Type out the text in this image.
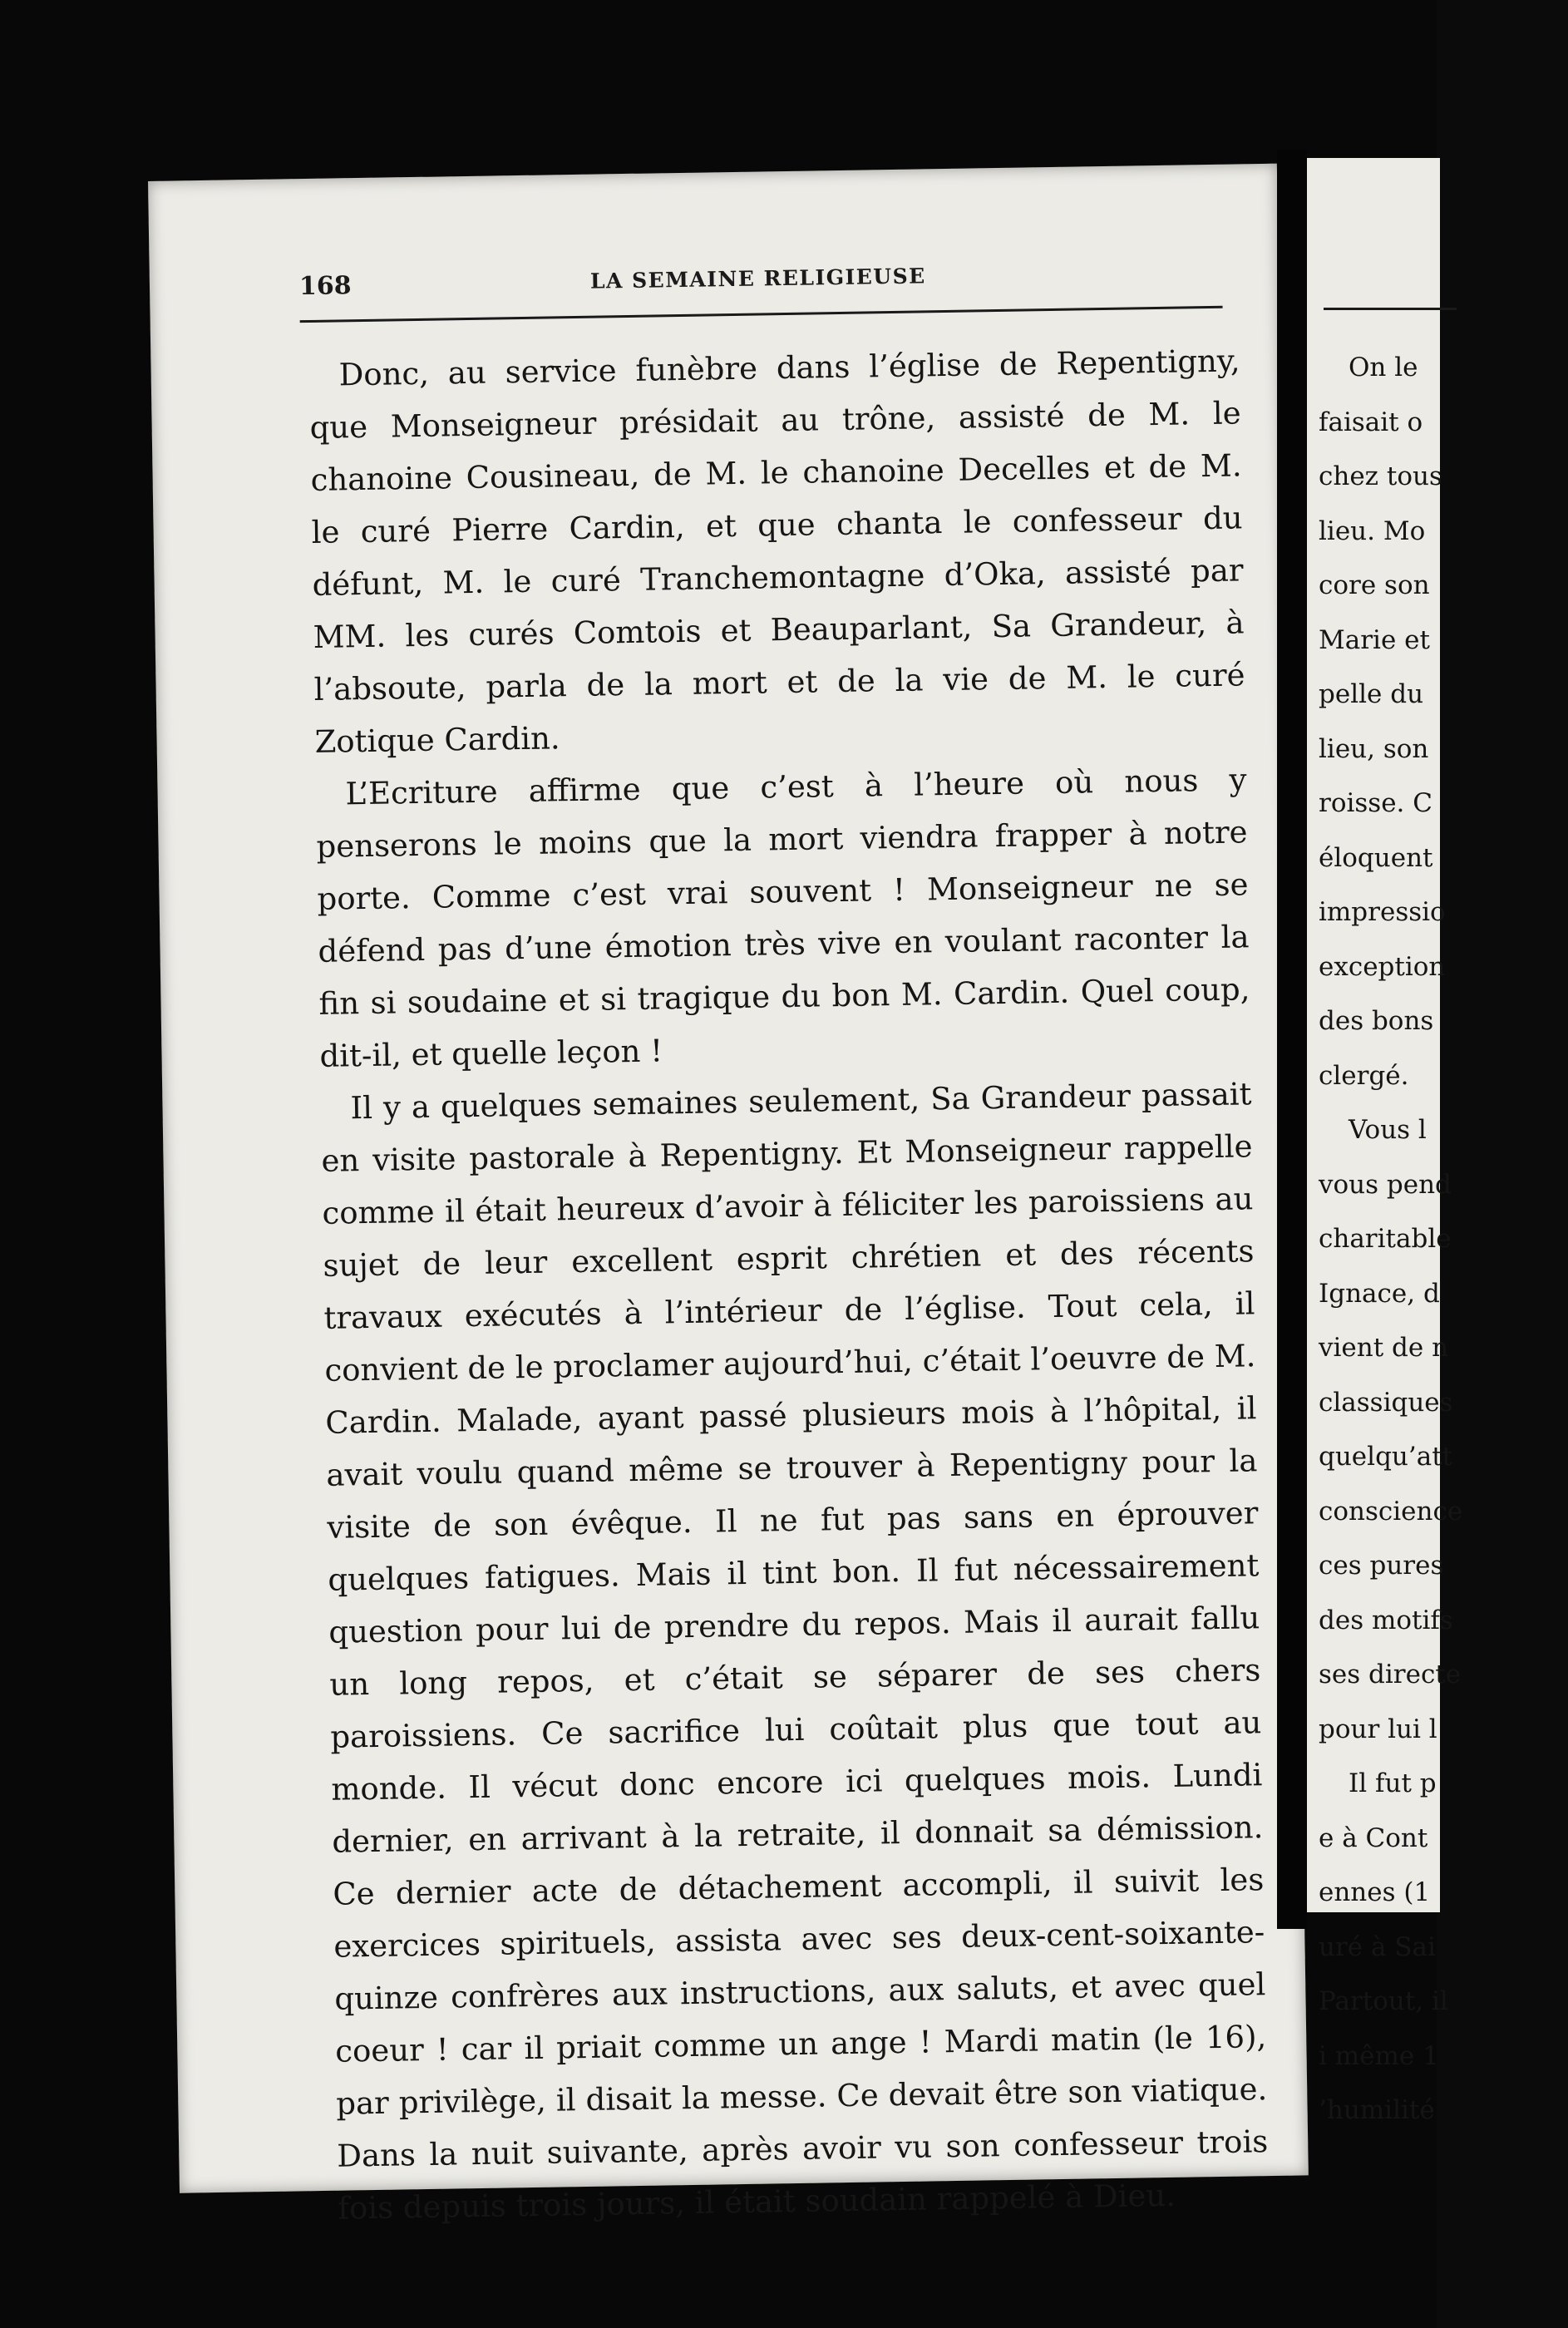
168	LA SEMAINE RELIGIEUSE

Donc, au service funèbre dans l’église de Repentigny, que Monseigneur présidait au trône, assisté de M. le chanoine Cousineau, de M. le chanoine Decelles et de M. le curé Pierre Cardin, et que chanta le confesseur du défunt, M. le curé Tranchemontagne d’Oka, assisté par MM. les curés Comtois et Beauparlant, Sa Grandeur, à l’absoute, parla de la mort et de la vie de M. le curé Zotique Cardin.

L’Ecriture affirme que c’est à l’heure où nous y penserons le moins que la mort viendra frapper à notre porte. Comme c’est vrai souvent ! Monseigneur ne se défend pas d’une émotion très vive en voulant raconter la fin si soudaine et si tragique du bon M. Cardin. Quel coup, dit-il, et quelle leçon !

Il y a quelques semaines seulement, Sa Grandeur passait en visite pastorale à Repentigny. Et Monseigneur rappelle comme il était heureux d’avoir à féliciter les paroissiens au sujet de leur excellent esprit chrétien et des récents travaux exécutés à l’intérieur de l’église. Tout cela, il convient de le proclamer aujourd’hui, c’était l’oeuvre de M. Cardin. Malade, ayant passé plusieurs mois à l’hôpital, il avait voulu quand même se trouver à Repentigny pour la visite de son évêque. Il ne fut pas sans en éprouver quelques fatigues. Mais il tint bon. Il fut nécessairement question pour lui de prendre du repos. Mais il aurait fallu un long repos, et c’était se séparer de ses chers paroissiens. Ce sacrifice lui coûtait plus que tout au monde. Il vécut donc encore ici quelques mois. Lundi dernier, en arrivant à la retraite, il donnait sa démission. Ce dernier acte de détachement accompli, il suivit les exercices spirituels, assista avec ses deux-cent-soixante-quinze confrères aux instructions, aux saluts, et avec quel coeur ! car il priait comme un ange ! Mardi matin (le 16), par privilège, il disait la messe. Ce devait être son viatique. Dans la nuit suivante, après avoir vu son confesseur trois fois depuis trois jours, il était soudain rappelé à Dieu.

On le
faisait o
chez tous
lieu. Mo
core son
Marie et
pelle du
lieu, son
roisse. C
éloquent
impressio
exception
des bons
clergé.
Vous l
vous pend
charitable
Ignace, d
vient de n
classiques
quelqu’att
conscience
ces pures
des motifs
ses directe
pour lui l
Il fut p
e à Cont
ennes (1
uré à Sai
Partout, il
i même 1
’humilité
